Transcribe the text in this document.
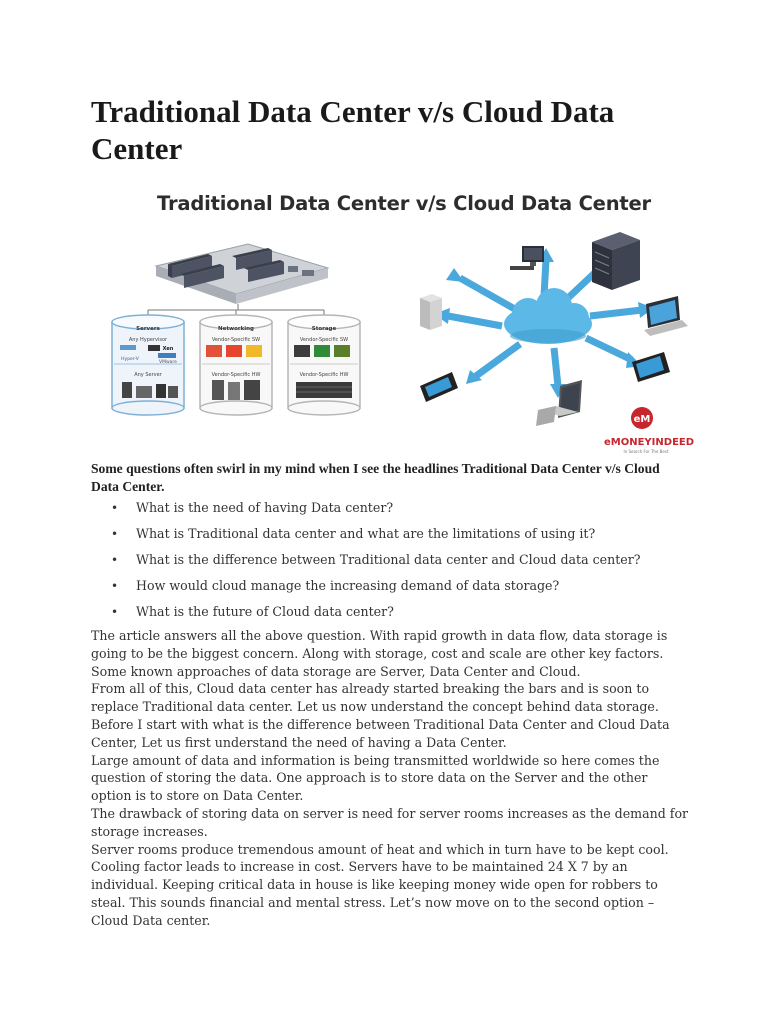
Traditional Data Center v/s Cloud Data Center
Traditional Data Center v/s Cloud Data Center
Servers	Networking	Storage
Any Hypervisor	Vendor-Specific SW	Vendor-Specific SW
Any Server	Vendor-Specific HW	Vendor-Specific HW
Xen
Hyper-V
VMware
eM
eMONEYINDEED
In Search For The Best

Some questions often swirl in my mind when I see the headlines Traditional Data Center v/s Cloud Data Center.

• What is the need of having Data center?
• What is Traditional data center and what are the limitations of using it?
• What is the difference between Traditional data center and Cloud data center?
• How would cloud manage the increasing demand of data storage?
• What is the future of Cloud data center?

The article answers all the above question. With rapid growth in data flow, data storage is going to be the biggest concern. Along with storage, cost and scale are other key factors. Some known approaches of data storage are Server, Data Center and Cloud.

From all of this, Cloud data center has already started breaking the bars and is soon to replace Traditional data center. Let us now understand the concept behind data storage.

Before I start with what is the difference between Traditional Data Center and Cloud Data Center, Let us first understand the need of having a Data Center.

Large amount of data and information is being transmitted worldwide so here comes the question of storing the data. One approach is to store data on the Server and the other option is to store on Data Center.

The drawback of storing data on server is need for server rooms increases as the demand for storage increases.

Server rooms produce tremendous amount of heat and which in turn have to be kept cool. Cooling factor leads to increase in cost. Servers have to be maintained 24 X 7 by an individual. Keeping critical data in house is like keeping money wide open for robbers to steal. This sounds financial and mental stress. Let’s now move on to the second option – Cloud Data center.
